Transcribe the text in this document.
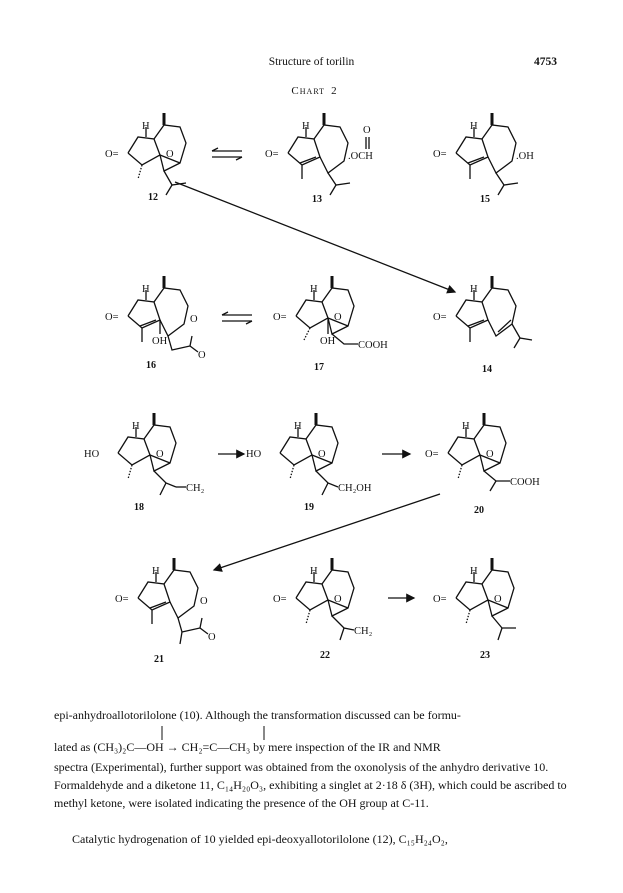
Structure of torilin	4753
Chart 2
O=
H
O
12
O=
H	O
.OCH
13
O=
H
.OH
15
O=
H
O
OH
O
16
O=
H
O
OH COOH
17
O=
H
14
HO
H
O
CH₂
18
HO
H
O
CH₂OH
19
O=
H
O
COOH
20
O=
H
O
O
21
O=
H
O
CH₂
22
O=
H
O
23

epi-anhydroallotorilolone (10). Although the transformation discussed can be formu-

lated as (CH₃)₂C—OH → CH₂=C—CH₃ by mere inspection of the IR and NMR

spectra (Experimental), further support was obtained from the oxonolysis of the anhydro derivative 10. Formaldehyde and a diketone 11, C₁₄H₂₀O₃, exhibiting a singlet at 2·18 δ (3H), which could be ascribed to methyl ketone, were isolated indicating the presence of the OH group at C-11.

Catalytic hydrogenation of 10 yielded epi-deoxyallotorilolone (12), C₁₅H₂₄O₂,
